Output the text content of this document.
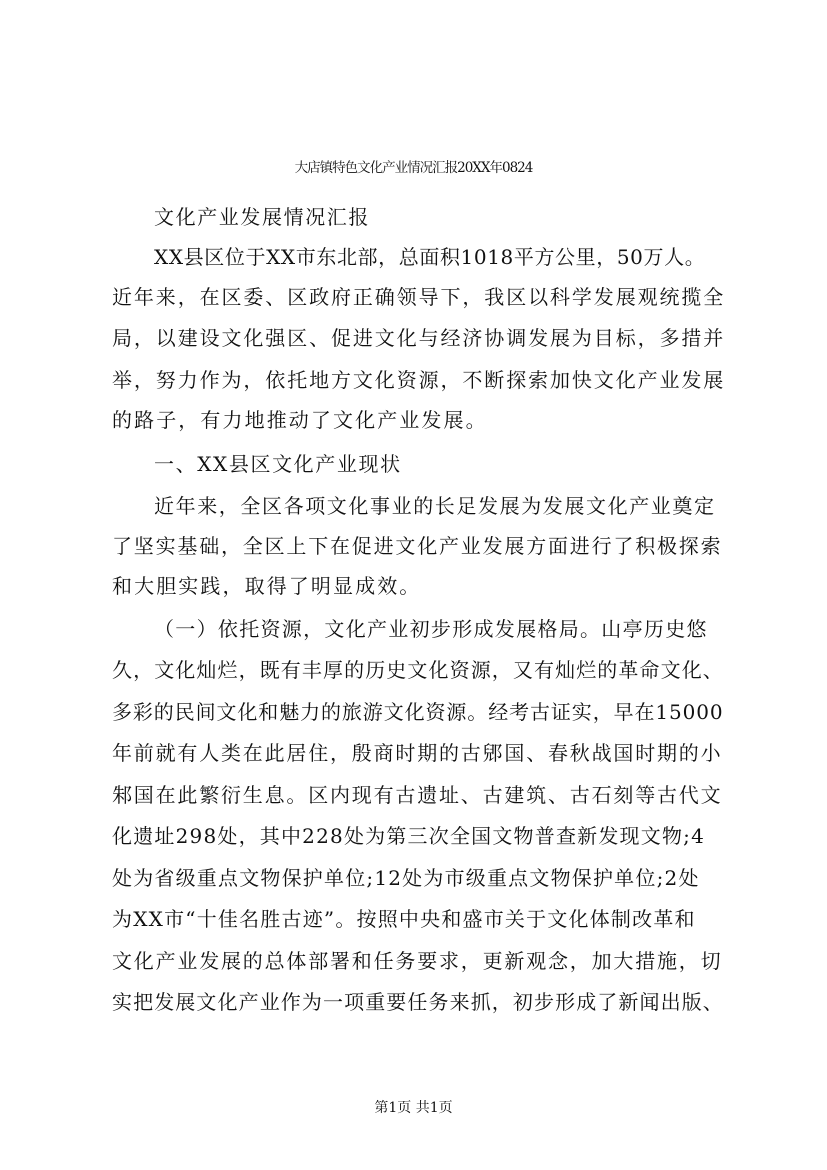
大店镇特色文化产业情况汇报20XX年0824
文化产业发展情况汇报
XX县区位于XX市东北部，总面积1018平方公里，50万人。
近年来，在区委、区政府正确领导下，我区以科学发展观统揽全
局，以建设文化强区、促进文化与经济协调发展为目标，多措并
举，努力作为，依托地方文化资源，不断探索加快文化产业发展
的路子，有力地推动了文化产业发展。
一、XX县区文化产业现状
近年来，全区各项文化事业的长足发展为发展文化产业奠定
了坚实基础，全区上下在促进文化产业发展方面进行了积极探索
和大胆实践，取得了明显成效。
（一）依托资源，文化产业初步形成发展格局。山亭历史悠
久，文化灿烂，既有丰厚的历史文化资源，又有灿烂的革命文化、
多彩的民间文化和魅力的旅游文化资源。经考古证实，早在15000
年前就有人类在此居住，殷商时期的古郳国、春秋战国时期的小
邾国在此繁衍生息。区内现有古遗址、古建筑、古石刻等古代文
化遗址298处，其中228处为第三次全国文物普查新发现文物;4
处为省级重点文物保护单位;12处为市级重点文物保护单位;2处
为XX市“十佳名胜古迹”。按照中央和盛市关于文化体制改革和
文化产业发展的总体部署和任务要求，更新观念，加大措施，切
实把发展文化产业作为一项重要任务来抓，初步形成了新闻出版、
第1页 共1页
